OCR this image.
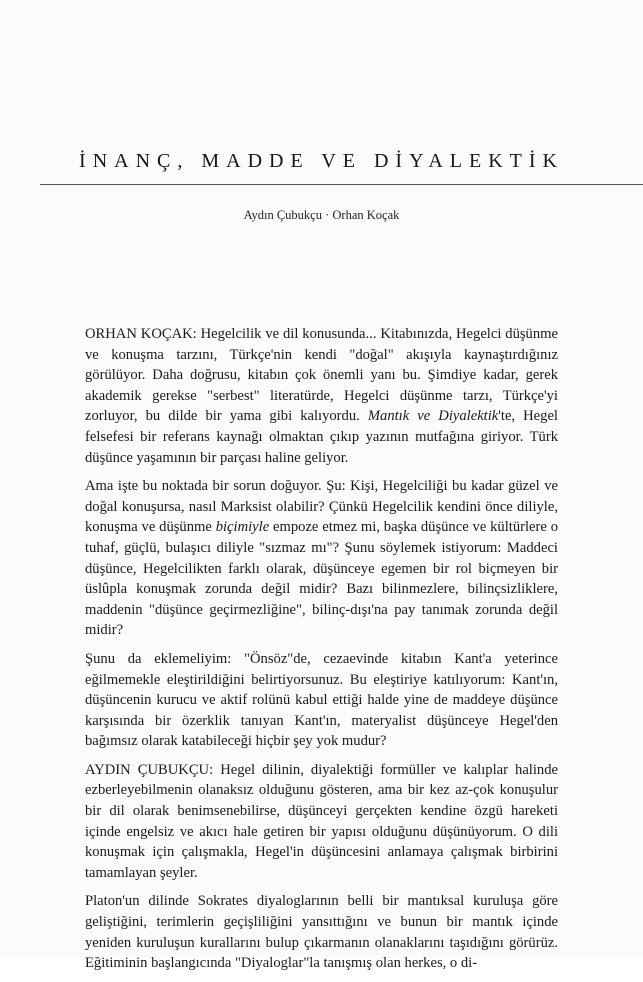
İNANÇ, MADDE VE DİYALEKTİK
Aydın Çubukçu · Orhan Koçak

ORHAN KOÇAK: Hegelcilik ve dil konusunda... Kitabınızda, Hegelci düşünme ve konuşma tarzını, Türkçe'nin kendi "doğal" akışıyla kaynaştırdığınız görülüyor. Daha doğrusu, kitabın çok önemli yanı bu. Şimdiye kadar, gerek akademik gerekse "serbest" literatürde, Hegelci düşünme tarzı, Türkçe'yi zorluyor, bu dilde bir yama gibi kalıyordu. Mantık ve Diyalektik'te, Hegel felsefesi bir referans kaynağı olmaktan çıkıp yazının mutfağına giriyor. Türk düşünce yaşamının bir parçası haline geliyor.

Ama işte bu noktada bir sorun doğuyor. Şu: Kişi, Hegelciliği bu kadar güzel ve doğal konuşursa, nasıl Marksist olabilir? Çünkü Hegelcilik kendini önce diliyle, konuşma ve düşünme biçimiyle empoze etmez mi, başka düşünce ve kültürlere o tuhaf, güçlü, bulaşıcı diliyle "sızmaz mı"? Şunu söylemek istiyorum: Maddeci düşünce, Hegelcilikten farklı olarak, düşünceye egemen bir rol biçmeyen bir üslûpla konuşmak zorunda değil midir? Bazı bilinmezlere, bilinçsizliklere, maddenin "düşünce geçirmezliğine", bilinç-dışı'na pay tanımak zorunda değil midir?

Şunu da eklemeliyim: "Önsöz"de, cezaevinde kitabın Kant'a yeterince eğilmemekle eleştirildiğini belirtiyorsunuz. Bu eleştiriye katılıyorum: Kant'ın, düşüncenin kurucu ve aktif rolünü kabul ettiği halde yine de maddeye düşünce karşısında bir özerklik tanıyan Kant'ın, materyalist düşünceye Hegel'den bağımsız olarak katabileceği hiçbir şey yok mudur?

AYDIN ÇUBUKÇU: Hegel dilinin, diyalektiği formüller ve kalıplar halinde ezberleyebilmenin olanaksız olduğunu gösteren, ama bir kez az-çok konuşulur bir dil olarak benimsenebilirse, düşünceyi gerçekten kendine özgü hareketi içinde engelsiz ve akıcı hale getiren bir yapısı olduğunu düşünüyorum. O dili konuşmak için çalışmakla, Hegel'in düşüncesini anlamaya çalışmak birbirini tamamlayan şeyler.

Platon'un dilinde Sokrates diyaloglarının belli bir mantıksal kuruluşa göre geliştiğini, terimlerin geçişliliğini yansıttığını ve bunun bir mantık içinde yeniden kuruluşun kurallarını bulup çıkarmanın olanaklarını taşıdığını görürüz. Eğitiminin başlangıcında "Diyaloglar"la tanışmış olan herkes, o di-
